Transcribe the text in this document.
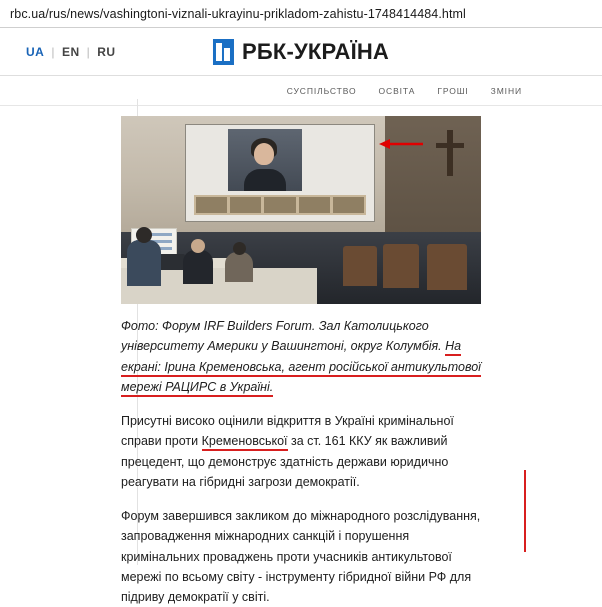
rbc.ua/rus/news/vashingtoni-viznali-ukrayinu-prikladom-zahistu-1748414484.html
UA | EN | RU	РБК-УКРАЇНА
СУСПІЛЬСТВО	ОСВІТА	ГРОШІ	ЗМІНИ
Фото: Форум IRF Builders Forum. Зал Католицького університету Америки у Вашингтоні, округ Колумбія. На екрані: Ірина Кременовська, агент російської антикультової мережі РАЦИРС в Україні.
Присутні високо оцінили відкриття в Україні кримінальної справи проти Кременовської за ст. 161 ККУ як важливий прецедент, що демонструє здатність держави юридично реагувати на гібридні загрози демократії.
Форум завершився закликом до міжнародного розслідування, запровадження міжнародних санкцій і порушення кримінальних проваджень проти учасників антикультової мережі по всьому світу - інструменту гібридної війни РФ для підриву демократії у світі.
